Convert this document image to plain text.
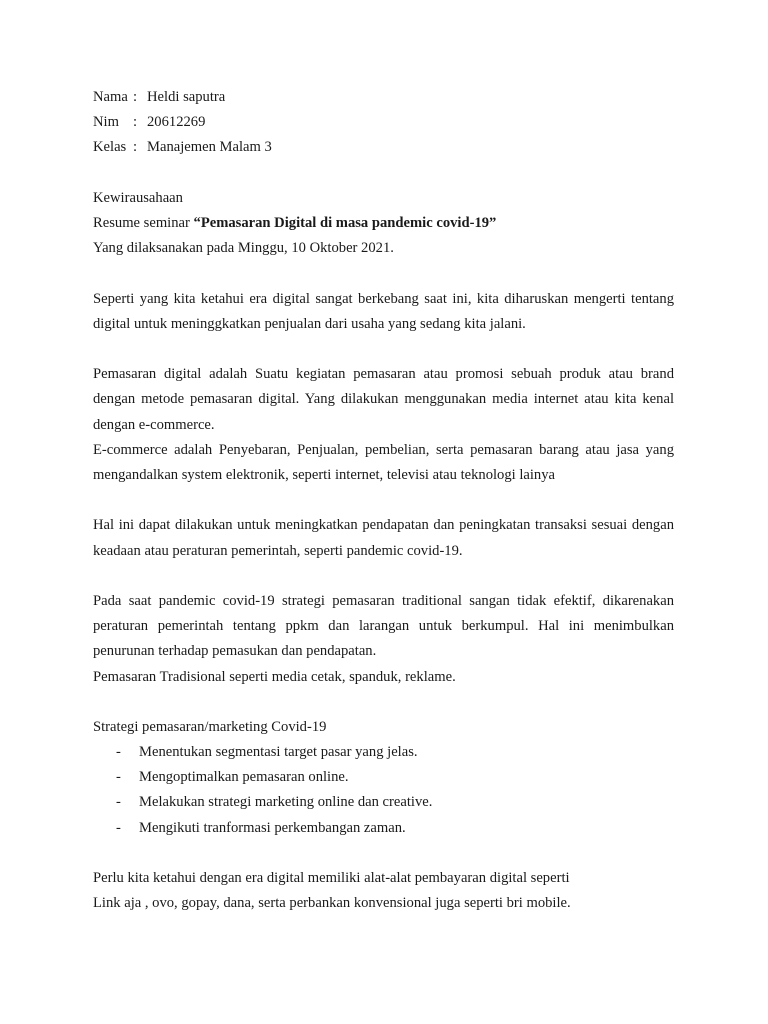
Nama : Heldi saputra
Nim : 20612269
Kelas : Manajemen Malam 3
Kewirausahaan
Resume seminar “Pemasaran Digital di masa pandemic covid-19”
Yang dilaksanakan pada Minggu, 10 Oktober 2021.

Seperti yang kita ketahui era digital sangat berkebang saat ini, kita diharuskan mengerti tentang digital untuk meninggkatkan penjualan dari usaha yang sedang kita jalani.

Pemasaran digital adalah Suatu kegiatan pemasaran atau promosi sebuah produk atau brand dengan metode pemasaran digital. Yang dilakukan menggunakan media internet atau kita kenal dengan e-commerce.

E-commerce adalah Penyebaran, Penjualan, pembelian, serta pemasaran barang atau jasa yang mengandalkan system elektronik, seperti internet, televisi atau teknologi lainya

Hal ini dapat dilakukan untuk meningkatkan pendapatan dan peningkatan transaksi sesuai dengan keadaan atau peraturan pemerintah, seperti pandemic covid-19.

Pada saat pandemic covid-19 strategi pemasaran traditional sangan tidak efektif, dikarenakan peraturan pemerintah tentang ppkm dan larangan untuk berkumpul. Hal ini menimbulkan penurunan terhadap pemasukan dan pendapatan.

Pemasaran Tradisional seperti media cetak, spanduk, reklame.

Strategi pemasaran/marketing Covid-19
-	Menentukan segmentasi target pasar yang jelas.
-	Mengoptimalkan pemasaran online.
-	Melakukan strategi marketing online dan creative.
-	Mengikuti tranformasi perkembangan zaman.
Perlu kita ketahui dengan era digital memiliki alat-alat pembayaran digital seperti
Link aja , ovo, gopay, dana, serta perbankan konvensional juga seperti bri mobile.
